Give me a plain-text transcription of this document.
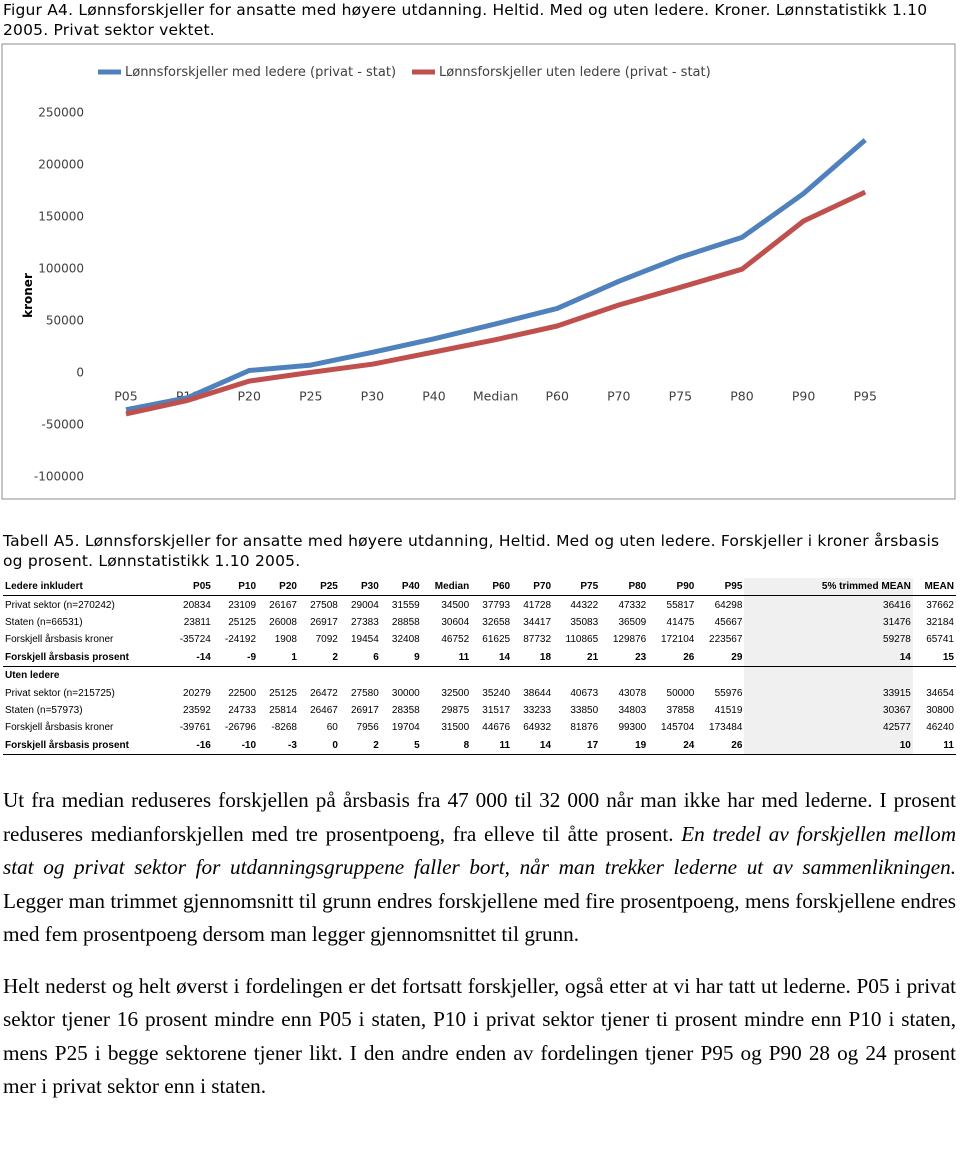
Figur A4. Lønnsforskjeller for ansatte med høyere utdanning. Heltid. Med og uten ledere. Kroner. Lønnstatistikk 1.10 2005. Privat sektor vektet.
-100000
-50000
0
50000
100000
150000
200000
250000
kroner
P05	P10	P20	P25	P30	P40 Median P60	P70	P75	P80	P90	P95
Lønnsforskjeller med ledere (privat - stat)	Lønnsforskjeller uten ledere (privat - stat)
Tabell A5. Lønnsforskjeller for ansatte med høyere utdanning, Heltid. Med og uten ledere. Forskjeller i kroner årsbasis og prosent. Lønnstatistikk 1.10 2005.
Ledere inkludert	P05	P10	P20	P25	P30	P40	Median	P60	P70	P75	P80	P90	P95	5% trimmed MEAN	MEAN
Privat sektor (n=270242)	20834	23109	26167	27508	29004	31559	34500	37793	41728	44322	47332	55817	64298	36416	37662
Staten (n=66531)	23811	25125	26008	26917	27383	28858	30604	32658	34417	35083	36509	41475	45667	31476	32184
Forskjell årsbasis kroner	-35724	-24192	1908	7092	19454	32408	46752	61625	87732	110865	129876	172104	223567	59278	65741
Forskjell årsbasis prosent	-14	-9	1	2	6	9	11	14	18	21	23	26	29	14	15
Uten ledere															
Privat sektor (n=215725)	20279	22500	25125	26472	27580	30000	32500	35240	38644	40673	43078	50000	55976	33915	34654
Staten (n=57973)	23592	24733	25814	26467	26917	28358	29875	31517	33233	33850	34803	37858	41519	30367	30800
Forskjell årsbasis kroner	-39761	-26796	-8268	60	7956	19704	31500	44676	64932	81876	99300	145704	173484	42577	46240
Forskjell årsbasis prosent	-16	-10	-3	0	2	5	8	11	14	17	19	24	26	10	11

Ut fra median reduseres forskjellen på årsbasis fra 47 000 til 32 000 når man ikke har med lederne. I prosent reduseres medianforskjellen med tre prosentpoeng, fra elleve til åtte prosent. En tredel av forskjellen mellom stat og privat sektor for utdanningsgruppene faller bort, når man trekker lederne ut av sammenlikningen. Legger man trimmet gjennomsnitt til grunn endres forskjellene med fire prosentpoeng, mens forskjellene endres med fem prosentpoeng dersom man legger gjennomsnittet til grunn.

Helt nederst og helt øverst i fordelingen er det fortsatt forskjeller, også etter at vi har tatt ut lederne. P05 i privat sektor tjener 16 prosent mindre enn P05 i staten, P10 i privat sektor tjener ti prosent mindre enn P10 i staten, mens P25 i begge sektorene tjener likt. I den andre enden av fordelingen tjener P95 og P90 28 og 24 prosent mer i privat sektor enn i staten.
